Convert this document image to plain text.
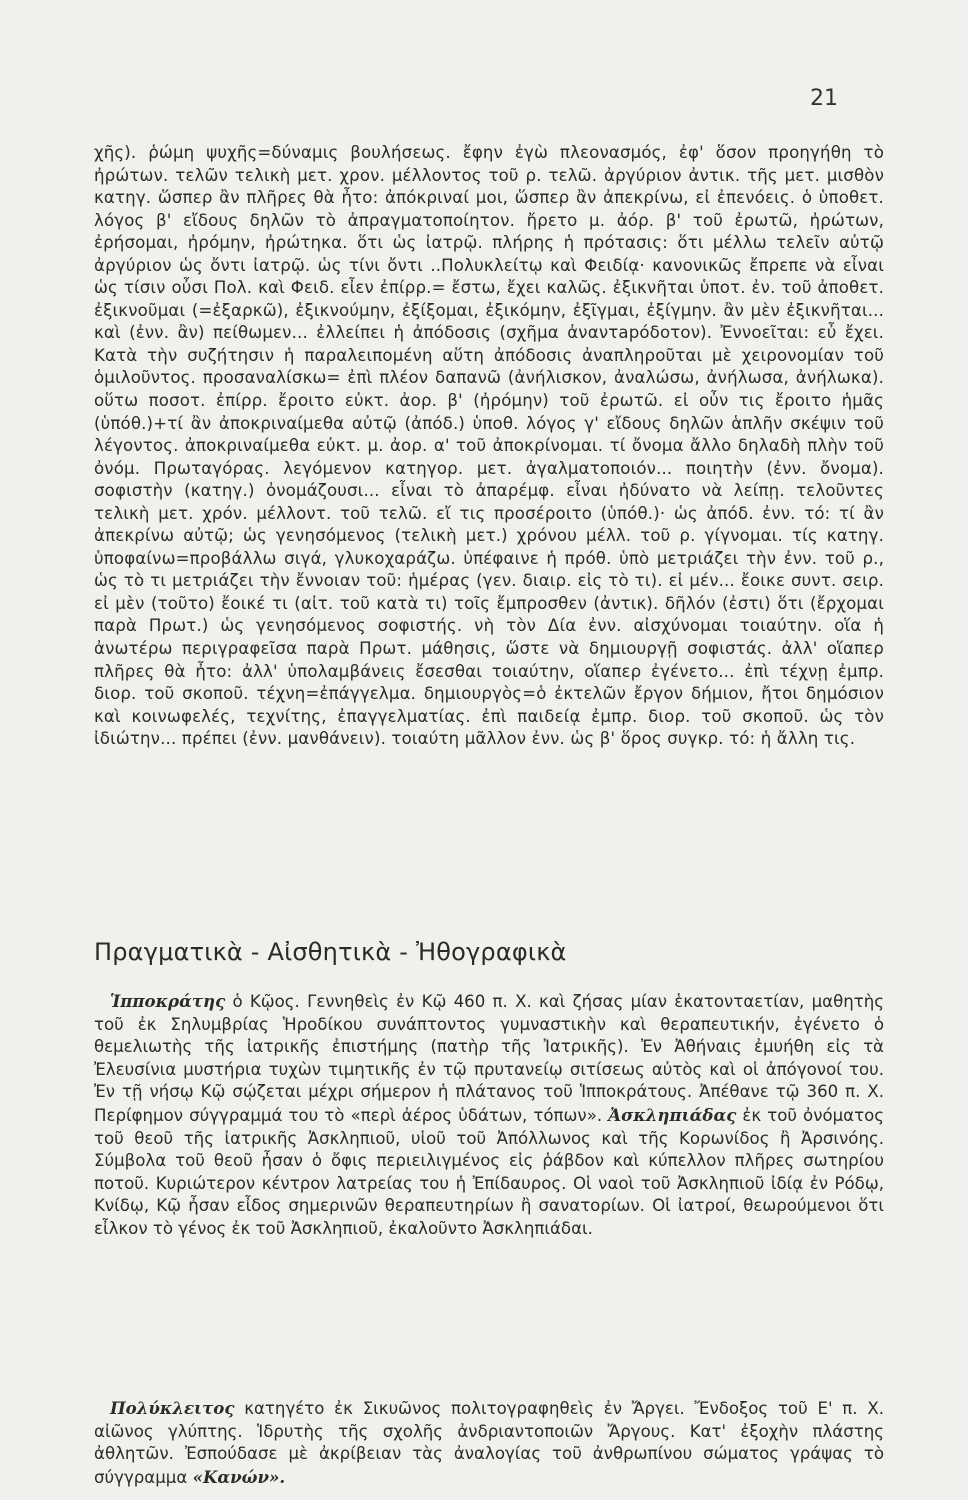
21

χῆς). ῥώμη ψυχῆς=δύναμις βουλήσεως. ἔφην ἐγὼ πλεονασμός, ἐφ' ὅσον προηγήθη τὸ ἠρώτων. τελῶν τελικὴ μετ. χρον. μέλλοντος τοῦ ρ. τελῶ. ἀργύριον ἀντικ. τῆς μετ. μισθὸν κατηγ. ὥσπερ ἂν πλῆρες θὰ ἦτο: ἀπόκριναί μοι, ὥσπερ ἂν ἀπεκρίνω, εἰ ἐπενόεις. ὁ ὑποθετ. λόγος β' εἴδους δηλῶν τὸ ἀπραγματοποίητον. ἤρετο μ. ἀόρ. β' τοῦ ἐρωτῶ, ἠρώτων, ἐρήσομαι, ἠρόμην, ἠρώτηκα. ὅτι ὡς ἰατρῷ. πλήρης ἡ πρότασις: ὅτι μέλλω τελεῖν αὐτῷ ἀργύριον ὡς ὄντι ἰατρῷ. ὡς τίνι ὄντι ..Πολυκλείτῳ καὶ Φειδίᾳ· κανονικῶς ἔπρεπε νὰ εἶναι ὡς τίσιν οὖσι Πολ. καὶ Φειδ. εἶεν ἐπίρρ.= ἔστω, ἔχει καλῶς. ἐξικνῆται ὑποτ. ἐν. τοῦ ἀποθετ. ἐξικνοῦμαι (=ἐξαρκῶ), ἐξικνούμην, ἐξίξομαι, ἐξικόμην, ἐξῖγμαι, ἐξίγμην. ἂν μὲν ἐξικνῆται... καὶ (ἐνν. ἂν) πείθωμεν... ἐλλείπει ἡ ἀπόδοσις (σχῆμα ἀναντapόδοτον). Ἐννοεῖται: εὖ ἔχει. Κατὰ τὴν συζήτησιν ἡ παραλειπομένη αὕτη ἀπόδοσις ἀναπληροῦται μὲ χειρονομίαν τοῦ ὁμιλοῦντος. προσαναλίσκω= ἐπὶ πλέον δαπανῶ (ἀνήλισκον, ἀναλώσω, ἀνήλωσα, ἀνήλωκα). οὕτω ποσοτ. ἐπίρρ. ἔροιτο εὐκτ. ἀορ. β' (ἠρόμην) τοῦ ἐρωτῶ. εἰ οὖν τις ἔροιτο ἡμᾶς (ὑπόθ.)+τί ἂν ἀποκριναίμεθα αὐτῷ (ἀπόδ.) ὑποθ. λόγος γ' εἴδους δηλῶν ἁπλῆν σκέψιν τοῦ λέγοντος. ἀποκριναίμεθα εὐκτ. μ. ἀορ. α' τοῦ ἀποκρίνομαι. τί ὄνομα ἄλλο δηλαδὴ πλὴν τοῦ ὀνόμ. Πρωταγόρας. λεγόμενον κατηγορ. μετ. ἀγαλματοποιόν... ποιητὴν (ἐνν. ὄνομα). σοφιστὴν (κατηγ.) ὀνομάζουσι... εἶναι τὸ ἀπαρέμφ. εἶναι ἠδύνατο νὰ λείπῃ. τελοῦντες τελικὴ μετ. χρόν. μέλλοντ. τοῦ τελῶ. εἴ τις προσέροιτο (ὑπόθ.)· ὡς ἀπόδ. ἐνν. τό: τί ἂν ἀπεκρίνω αὐτῷ; ὡς γενησόμενος (τελικὴ μετ.) χρόνου μέλλ. τοῦ ρ. γίγνομαι. τίς κατηγ. ὑποφαίνω=προβάλλω σιγά, γλυκοχαράζω. ὑπέφαινε ἡ πρόθ. ὑπὸ μετριάζει τὴν ἐνν. τοῦ ρ., ὡς τὸ τι μετριάζει τὴν ἔννοιαν τοῦ: ἡμέρας (γεν. διαιρ. εἰς τὸ τι). εἰ μέν... ἔοικε συντ. σειρ. εἰ μὲν (τοῦτο) ἔοικέ τι (αἰτ. τοῦ κατὰ τι) τοῖς ἔμπροσθεν (ἀντικ). δῆλόν (ἐστι) ὅτι (ἔρχομαι παρὰ Πρωτ.) ὡς γενησόμενος σοφιστής. νὴ τὸν Δία ἐνν. αἰσχύνομαι τοιαύτην. οἵα ἡ ἀνωτέρω περιγραφεῖσα παρὰ Πρωτ. μάθησις, ὥστε νὰ δημιουργῇ σοφιστάς. ἀλλ' οἵαπερ πλῆρες θὰ ἦτο: ἀλλ' ὑπολαμβάνεις ἔσεσθαι τοιαύτην, οἵαπερ ἐγένετο... ἐπὶ τέχνῃ ἐμπρ. διορ. τοῦ σκοποῦ. τέχνη=ἐπάγγελμα. δημιουργὸς=ὁ ἐκτελῶν ἔργον δήμιον, ἤτοι δημόσιον καὶ κοινωφελές, τεχνίτης, ἐπαγγελματίας. ἐπὶ παιδείᾳ ἐμπρ. διορ. τοῦ σκοποῦ. ὡς τὸν ἰδιώτην... πρέπει (ἐνν. μανθάνειν). τοιαύτη μᾶλλον ἐνν. ὡς β' ὅρος συγκρ. τό: ἡ ἄλλη τις.

Πραγματικὰ - Αἰσθητικὰ - Ἠθογραφικὰ

Ἱπποκράτης ὁ Κῷος. Γεννηθεὶς ἐν Κῷ 460 π. Χ. καὶ ζήσας μίαν ἑκατονταετίαν, μαθητὴς τοῦ ἐκ Σηλυμβρίας Ἡροδίκου συνάπτοντος γυμναστικὴν καὶ θεραπευτικήν, ἐγένετο ὁ θεμελιωτὴς τῆς ἰατρικῆς ἐπιστήμης (πατὴρ τῆς Ἰατρικῆς). Ἐν Ἀθήναις ἐμυήθη εἰς τὰ Ἐλευσίνια μυστήρια τυχὼν τιμητικῆς ἐν τῷ πρυτανείῳ σιτίσεως αὐτὸς καὶ οἱ ἀπόγονοί του. Ἐν τῇ νήσῳ Κῷ σῴζεται μέχρι σήμερον ἡ πλάτανος τοῦ Ἱπποκράτους. Ἀπέθανε τῷ 360 π. Χ. Περίφημον σύγγραμμά του τὸ «περὶ ἀέρος ὑδάτων, τόπων». Ἀσκληπιάδας ἐκ τοῦ ὀνόματος τοῦ θεοῦ τῆς ἰατρικῆς Ἀσκληπιοῦ, υἱοῦ τοῦ Ἀπόλλωνος καὶ τῆς Κορωνίδος ἢ Ἀρσινόης. Σύμβολα τοῦ θεοῦ ἦσαν ὁ ὄφις περιειλιγμένος εἰς ῥάβδον καὶ κύπελλον πλῆρες σωτηρίου ποτοῦ. Κυριώτερον κέντρον λατρείας του ἡ Ἐπίδαυρος. Οἱ ναοὶ τοῦ Ἀσκληπιοῦ ἰδίᾳ ἐν Ρόδῳ, Κνίδῳ, Κῷ ἦσαν εἶδος σημερινῶν θεραπευτηρίων ἢ σανατορίων. Οἱ ἰατροί, θεωρούμενοι ὅτι εἶλκον τὸ γένος ἐκ τοῦ Ἀσκληπιοῦ, ἐκαλοῦντο Ἀσκληπιάδαι.

Πολύκλειτος κατηγέτο ἐκ Σικυῶνος πολιτογραφηθεὶς ἐν Ἄργει. Ἔνδοξος τοῦ Ε' π. Χ. αἰῶνος γλύπτης. Ἱδρυτὴς τῆς σχολῆς ἀνδριαντοποιῶν Ἄργους. Κατ' ἐξοχὴν πλάστης ἀθλητῶν. Ἐσπούδασε μὲ ἀκρίβειαν τὰς ἀναλογίας τοῦ ἀνθρωπίνου σώματος γράψας τὸ σύγγραμμα «Κανών».
